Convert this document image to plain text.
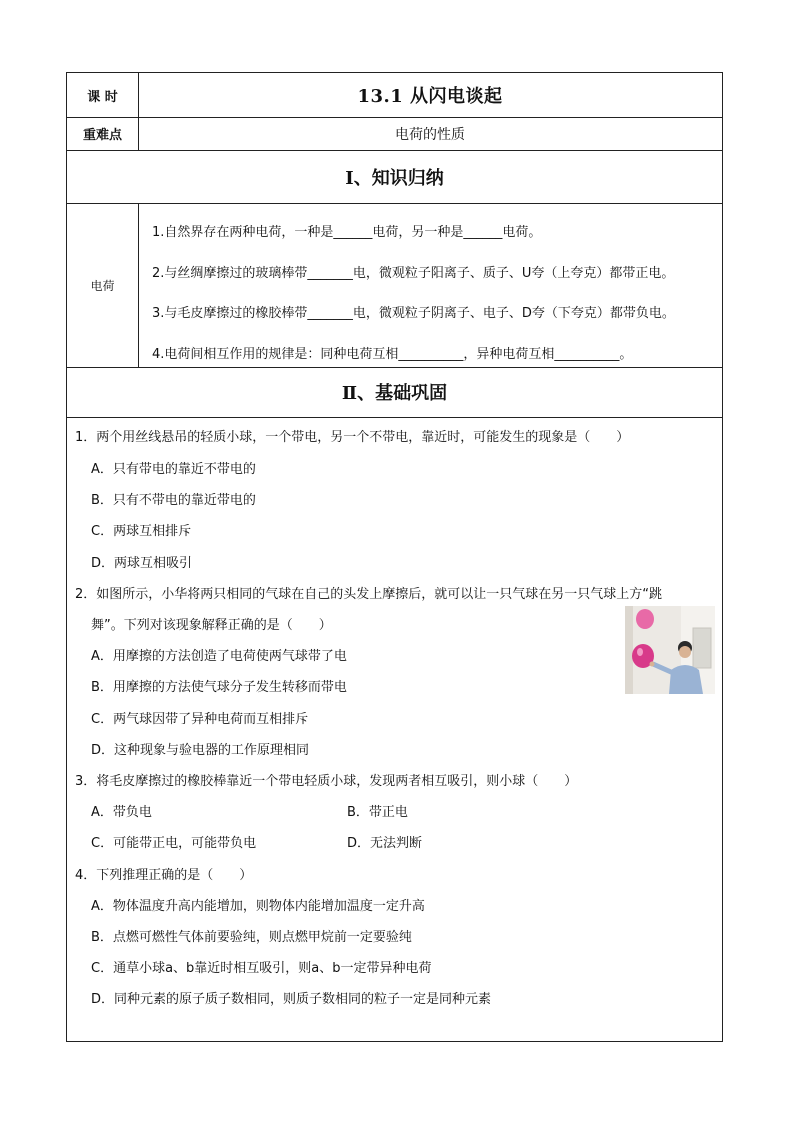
课 时	13.1 从闪电谈起
重难点	电荷的性质
I、知识归纳
电荷
1.自然界存在两种电荷，一种是______电荷，另一种是______电荷。
2.与丝绸摩擦过的玻璃棒带_______电，微观粒子阳离子、质子、U夸（上夸克）都带正电。
3.与毛皮摩擦过的橡胶棒带_______电，微观粒子阴离子、电子、D夸（下夸克）都带负电。
4.电荷间相互作用的规律是：同种电荷互相__________，异种电荷互相__________。
Ⅱ、基础巩固
1．两个用丝线悬吊的轻质小球，一个带电，另一个不带电，靠近时，可能发生的现象是（　　）
A．只有带电的靠近不带电的
B．只有不带电的靠近带电的
C．两球互相排斥
D．两球互相吸引
2．如图所示，小华将两只相同的气球在自己的头发上摩擦后，就可以让一只气球在另一只气球上方“跳
舞”。下列对该现象解释正确的是（　　）
A．用摩擦的方法创造了电荷使两气球带了电
B．用摩擦的方法使气球分子发生转移而带电
C．两气球因带了异种电荷而互相排斥
D．这种现象与验电器的工作原理相同
3．将毛皮摩擦过的橡胶棒靠近一个带电轻质小球，发现两者相互吸引，则小球（　　）
A．带负电	B．带正电
C．可能带正电，可能带负电	D．无法判断
4．下列推理正确的是（　　）
A．物体温度升高内能增加，则物体内能增加温度一定升高
B．点燃可燃性气体前要验纯，则点燃甲烷前一定要验纯
C．通草小球a、b靠近时相互吸引，则a、b一定带异种电荷
D．同种元素的原子质子数相同，则质子数相同的粒子一定是同种元素
